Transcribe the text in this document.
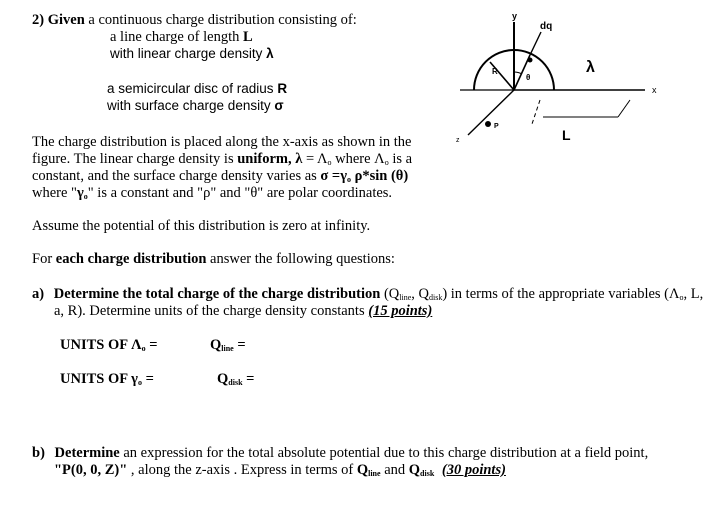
2) Given a continuous charge distribution consisting of:
a line charge of length L
with linear charge density λ
a semicircular disc of radius R
with surface charge density σ
The charge distribution is placed along the x-axis as shown in the
figure. The linear charge density is uniform, $\lambda = \Lambda_o$ where $\Lambda_o$ is a
constant, and the surface charge density varies as $\sigma =\gamma_o$ ρ*sin (θ)
where "$\gamma_o$" is a constant and "ρ" and "θ" are polar coordinates.
Assume the potential of this distribution is zero at infinity.
For each charge distribution answer the following questions:
a) Determine the total charge of the charge distribution ($Q_{line}$, $Q_{disk}$) in terms of the appropriate variables ($\Lambda_o$, L,
a, R). Determine units of the charge density constants (15 points)
UNITS OF $\Lambda_o$ =	$Q_{line}$ =
UNITS OF $\gamma_o$ =	$Q_{disk}$ =
b) Determine an expression for the total absolute potential due to this charge distribution at a field point,
"P(0, 0, Z)" , along the z-axis . Express in terms of $Q_{line}$ and $Q_{disk}$ (30 points)
y
dq
λ
x
R
θ
P
z	L
